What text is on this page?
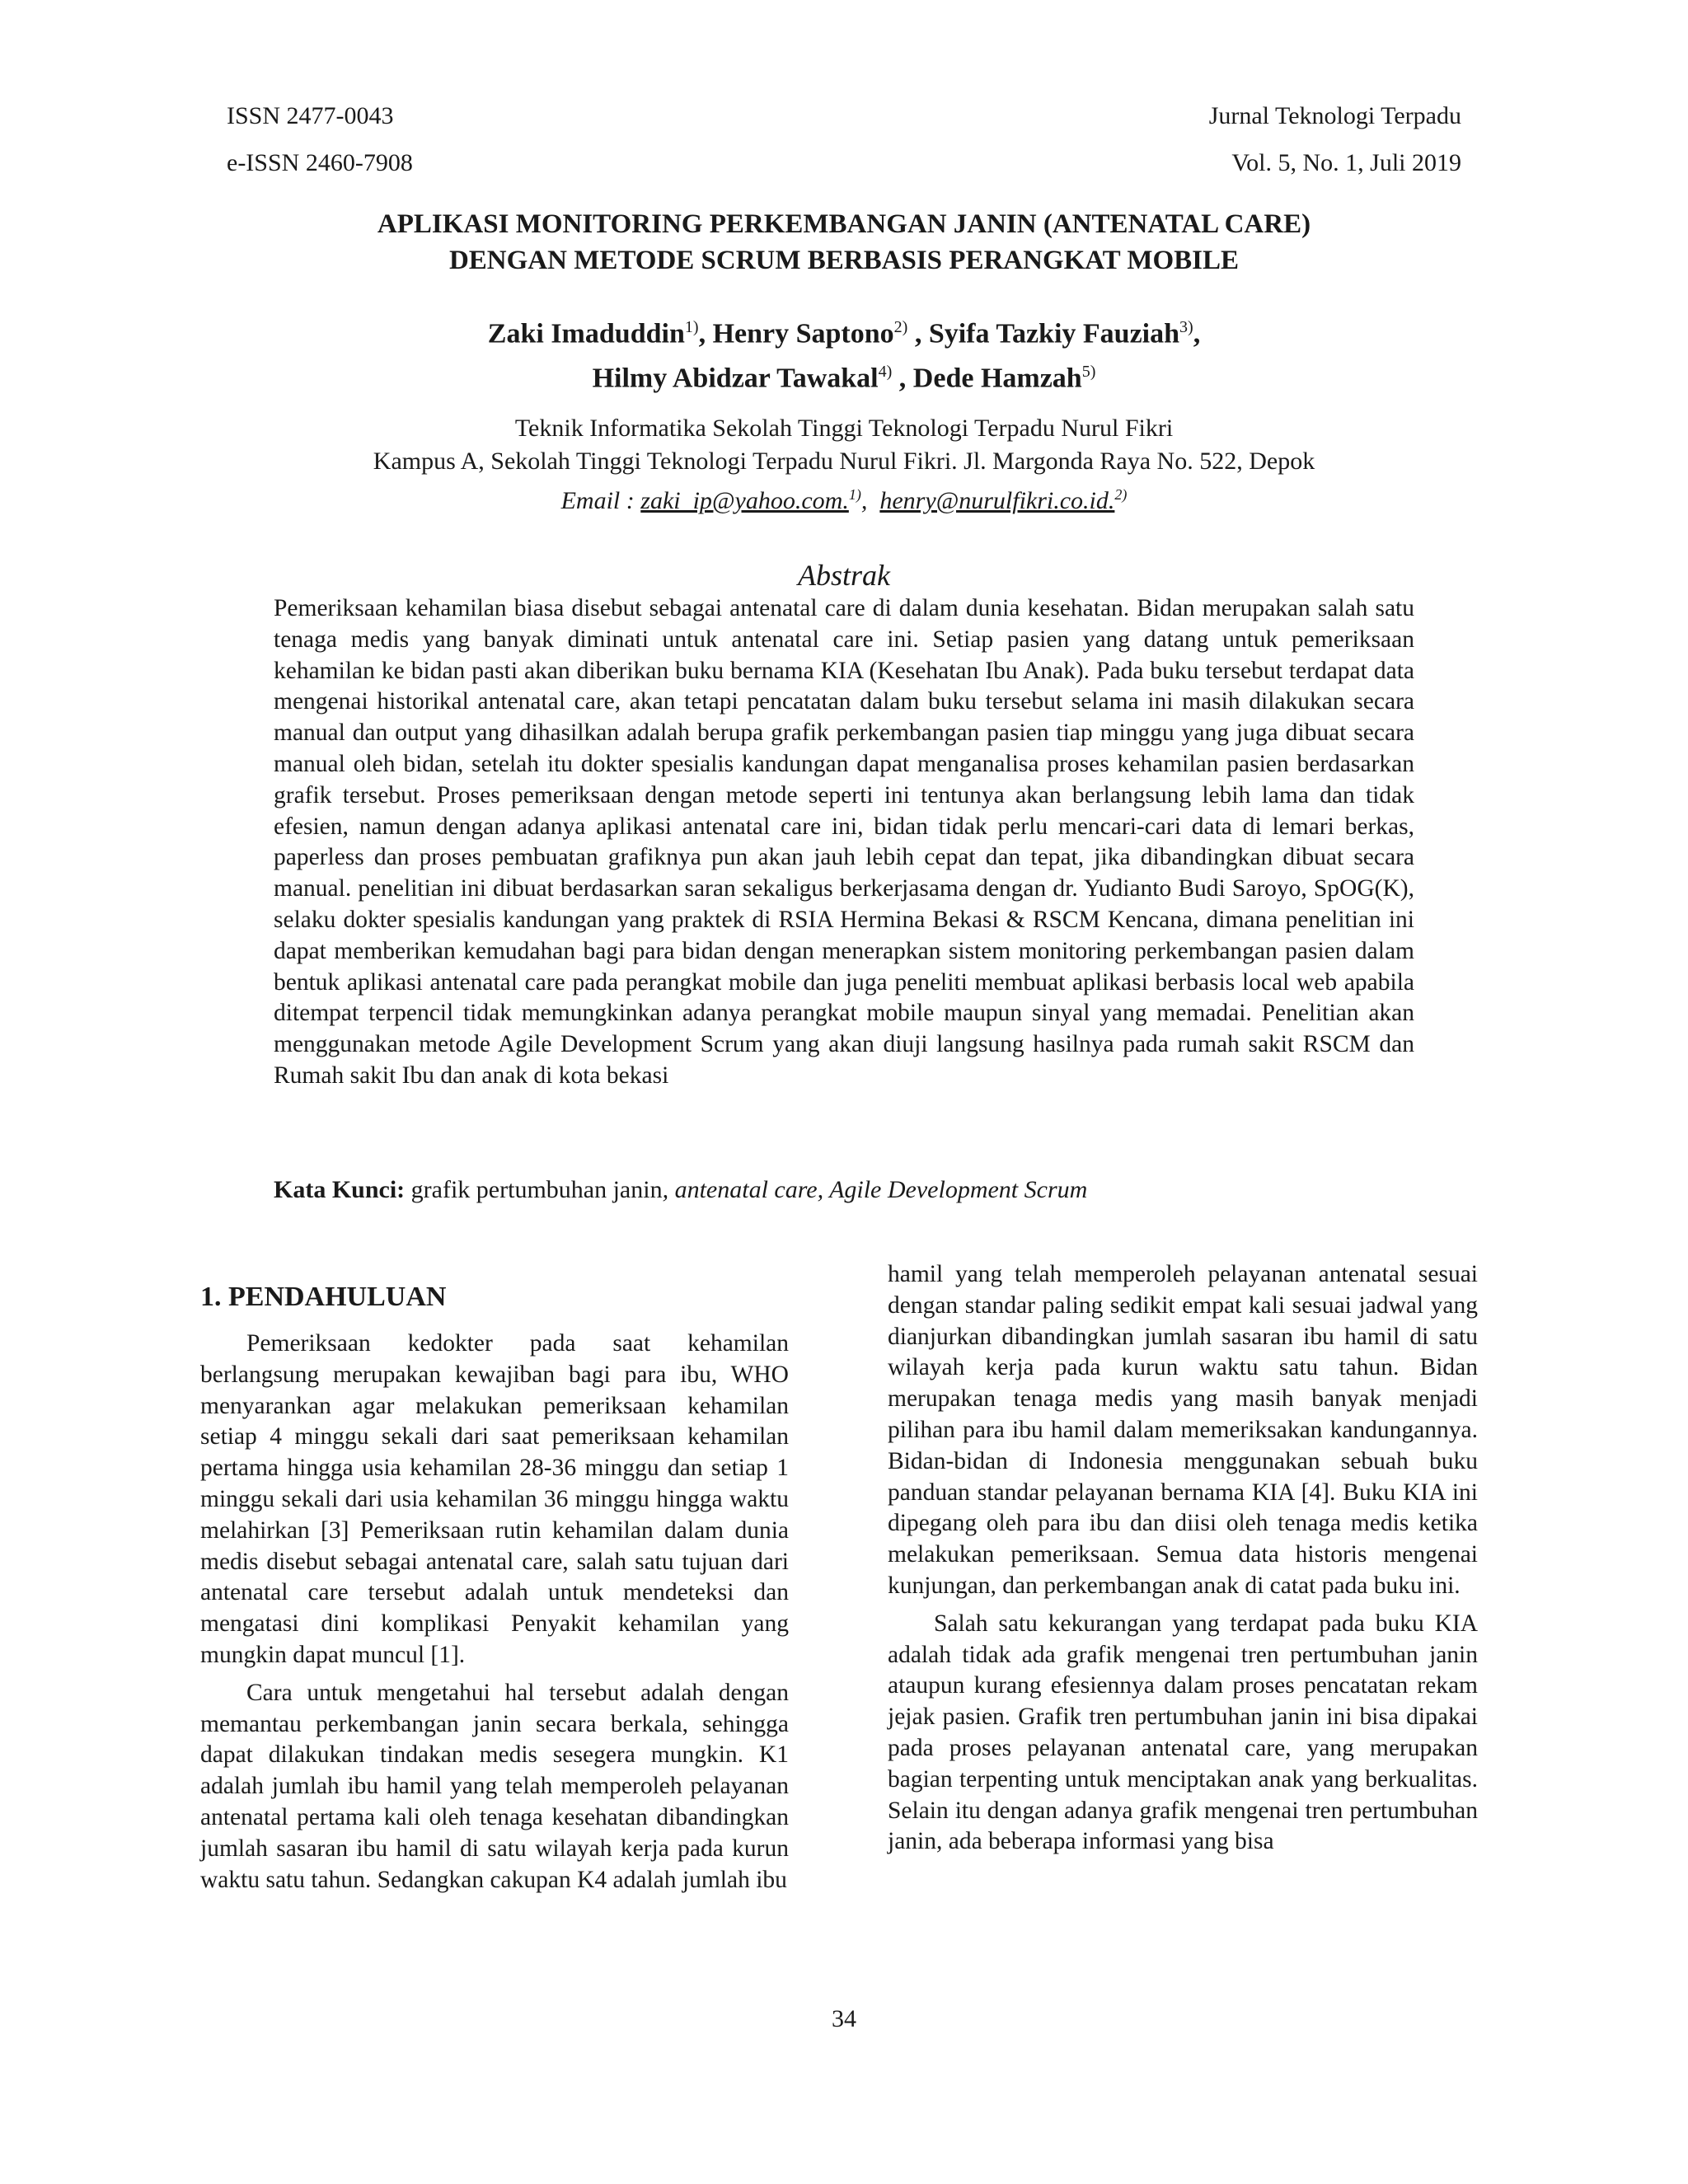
ISSN 2477-0043
e-ISSN 2460-7908
Jurnal Teknologi Terpadu
Vol. 5, No. 1, Juli 2019
APLIKASI MONITORING PERKEMBANGAN JANIN (ANTENATAL CARE)
DENGAN METODE SCRUM BERBASIS PERANGKAT MOBILE
Zaki Imaduddin$^{1)}$, Henry Saptono$^{2)}$ , Syifa Tazkiy Fauziah$^{3)}$,
Hilmy Abidzar Tawakal$^{4)}$ , Dede Hamzah$^{5)}$
Teknik Informatika Sekolah Tinggi Teknologi Terpadu Nurul Fikri
Kampus A, Sekolah Tinggi Teknologi Terpadu Nurul Fikri. Jl. Margonda Raya No. 522, Depok
Email : zaki_ip@yahoo.com.$^{1)}$,  henry@nurulfikri.co.id.$^{2)}$
Abstrak

Pemeriksaan kehamilan biasa disebut sebagai antenatal care di dalam dunia kesehatan. Bidan merupakan salah satu tenaga medis yang banyak diminati untuk antenatal care ini. Setiap pasien yang datang untuk pemeriksaan kehamilan ke bidan pasti akan diberikan buku bernama KIA (Kesehatan Ibu Anak). Pada buku tersebut terdapat data mengenai historikal antenatal care, akan tetapi pencatatan dalam buku tersebut selama ini masih dilakukan secara manual dan output yang dihasilkan adalah berupa grafik perkembangan pasien tiap minggu yang juga dibuat secara manual oleh bidan, setelah itu dokter spesialis kandungan dapat menganalisa proses kehamilan pasien berdasarkan grafik tersebut. Proses pemeriksaan dengan metode seperti ini tentunya akan berlangsung lebih lama dan tidak efesien, namun dengan adanya aplikasi antenatal care ini, bidan tidak perlu mencari-cari data di lemari berkas, paperless dan proses pembuatan grafiknya pun akan jauh lebih cepat dan tepat, jika dibandingkan dibuat secara manual. penelitian ini dibuat berdasarkan saran sekaligus berkerjasama dengan dr. Yudianto Budi Saroyo, SpOG(K), selaku dokter spesialis kandungan yang praktek di RSIA Hermina Bekasi & RSCM Kencana, dimana penelitian ini dapat memberikan kemudahan bagi para bidan dengan menerapkan sistem monitoring perkembangan pasien dalam bentuk aplikasi antenatal care pada perangkat mobile dan juga peneliti membuat aplikasi berbasis local web apabila ditempat terpencil tidak memungkinkan adanya perangkat mobile maupun sinyal yang memadai. Penelitian akan menggunakan metode Agile Development Scrum yang akan diuji langsung hasilnya pada rumah sakit RSCM dan Rumah sakit Ibu dan anak di kota bekasi

Kata Kunci: grafik pertumbuhan janin, antenatal care, Agile Development Scrum

1. PENDAHULUAN

Pemeriksaan kedokter pada saat kehamilan berlangsung merupakan kewajiban bagi para ibu, WHO menyarankan agar melakukan pemeriksaan kehamilan setiap 4 minggu sekali dari saat pemeriksaan kehamilan pertama hingga usia kehamilan 28-36 minggu dan setiap 1 minggu sekali dari usia kehamilan 36 minggu hingga waktu melahirkan [3] Pemeriksaan rutin kehamilan dalam dunia medis disebut sebagai antenatal care, salah satu tujuan dari antenatal care tersebut adalah untuk mendeteksi dan mengatasi dini komplikasi Penyakit kehamilan yang mungkin dapat muncul [1].

Cara untuk mengetahui hal tersebut adalah dengan memantau perkembangan janin secara berkala, sehingga dapat dilakukan tindakan medis sesegera mungkin. K1 adalah jumlah ibu hamil yang telah memperoleh pelayanan antenatal pertama kali oleh tenaga kesehatan dibandingkan jumlah sasaran ibu hamil di satu wilayah kerja pada kurun waktu satu tahun. Sedangkan cakupan K4 adalah jumlah ibu

hamil yang telah memperoleh pelayanan antenatal sesuai dengan standar paling sedikit empat kali sesuai jadwal yang dianjurkan dibandingkan jumlah sasaran ibu hamil di satu wilayah kerja pada kurun waktu satu tahun. Bidan merupakan tenaga medis yang masih banyak menjadi pilihan para ibu hamil dalam memeriksakan kandungannya. Bidan-bidan di Indonesia menggunakan sebuah buku panduan standar pelayanan bernama KIA [4]. Buku KIA ini dipegang oleh para ibu dan diisi oleh tenaga medis ketika melakukan pemeriksaan. Semua data historis mengenai kunjungan, dan perkembangan anak di catat pada buku ini.

Salah satu kekurangan yang terdapat pada buku KIA adalah tidak ada grafik mengenai tren pertumbuhan janin ataupun kurang efesiennya dalam proses pencatatan rekam jejak pasien. Grafik tren pertumbuhan janin ini bisa dipakai pada proses pelayanan antenatal care, yang merupakan bagian terpenting untuk menciptakan anak yang berkualitas. Selain itu dengan adanya grafik mengenai tren pertumbuhan janin, ada beberapa informasi yang bisa

34
